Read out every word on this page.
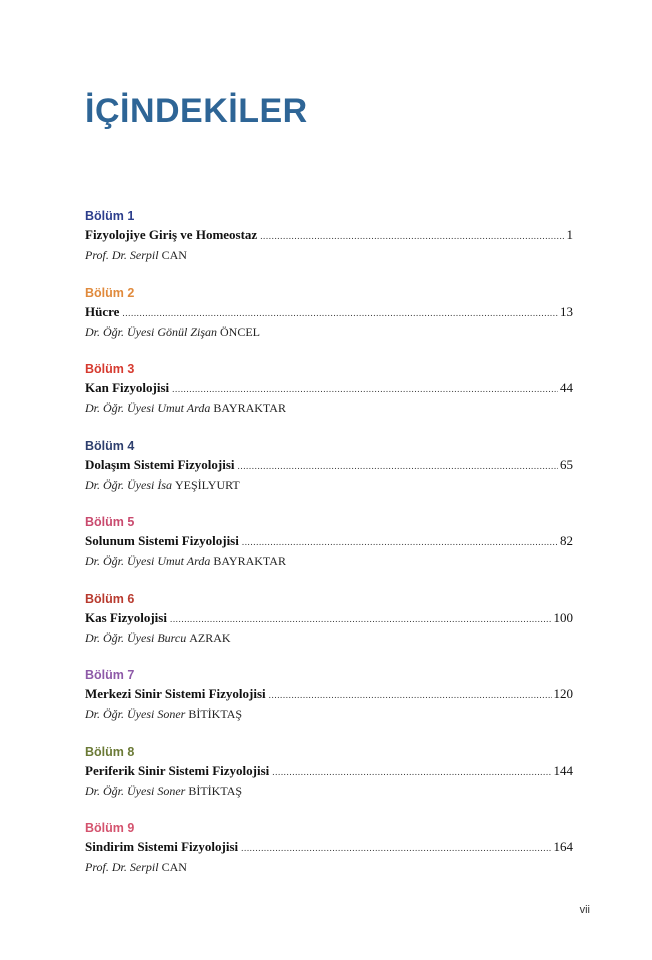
İÇİNDEKİLER
Bölüm 1
Fizyolojiye Giriş ve Homeostaz .....	1
Prof. Dr. Serpil CAN
Bölüm 2
Hücre .....	13
Dr. Öğr. Üyesi Gönül Zişan ÖNCEL
Bölüm 3
Kan Fizyolojisi .....	44
Dr. Öğr. Üyesi Umut Arda BAYRAKTAR
Bölüm 4
Dolaşım Sistemi Fizyolojisi .....	65
Dr. Öğr. Üyesi İsa YEŞİLYURT
Bölüm 5
Solunum Sistemi Fizyolojisi .....	82
Dr. Öğr. Üyesi Umut Arda BAYRAKTAR
Bölüm 6
Kas Fizyolojisi .....	100
Dr. Öğr. Üyesi Burcu AZRAK
Bölüm 7
Merkezi Sinir Sistemi Fizyolojisi .....	120
Dr. Öğr. Üyesi Soner BİTİKTAŞ
Bölüm 8
Periferik Sinir Sistemi Fizyolojisi .....	144
Dr. Öğr. Üyesi Soner BİTİKTAŞ
Bölüm 9
Sindirim Sistemi Fizyolojisi .....	164
Prof. Dr. Serpil CAN
vii
